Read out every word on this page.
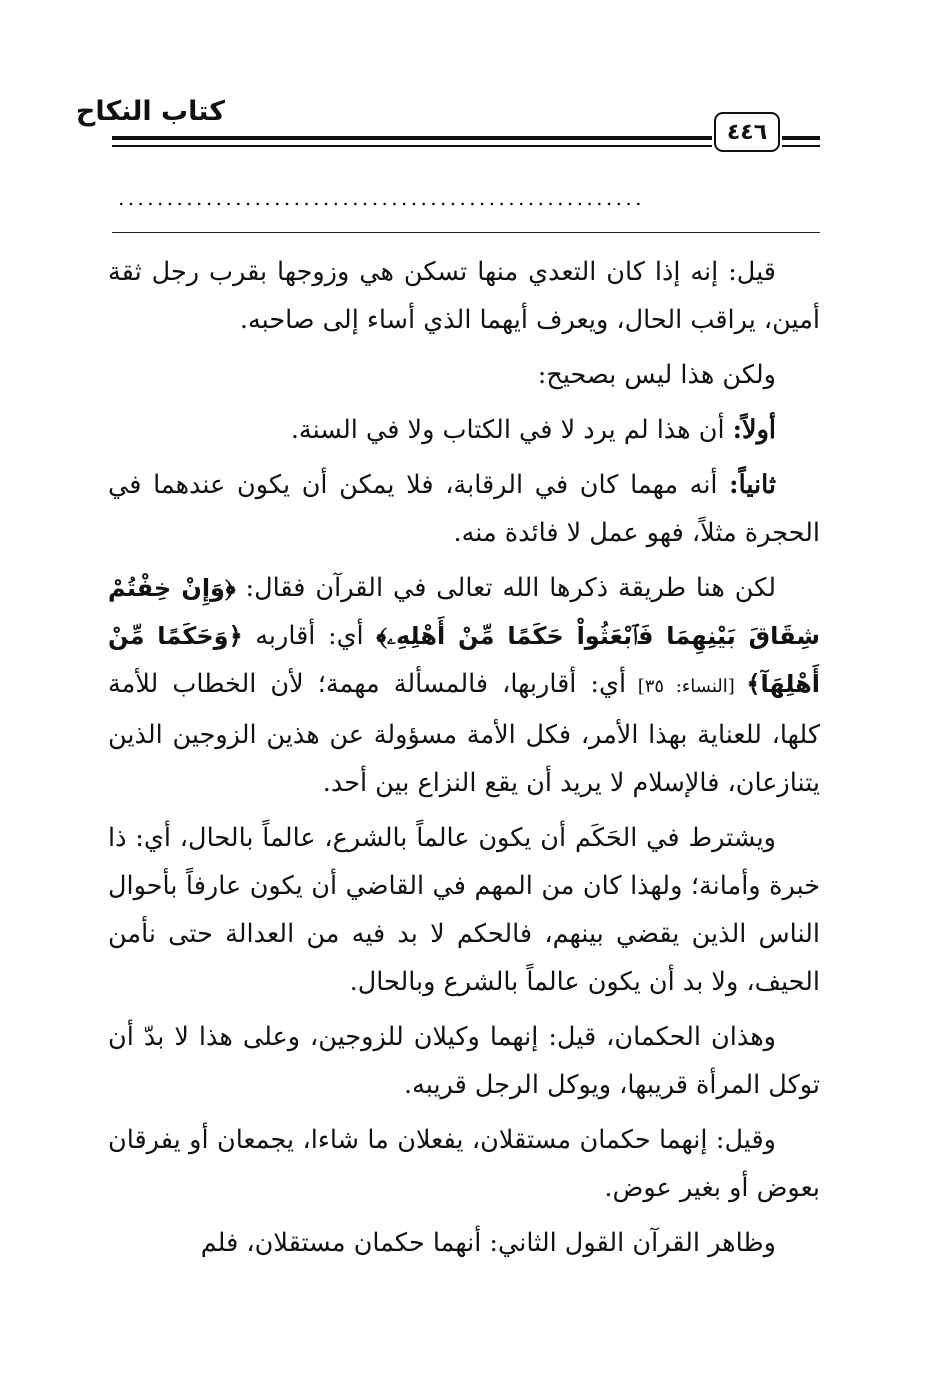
كتاب النكاح
٤٤٦
......................................................

قيل: إنه إذا كان التعدي منها تسكن هي وزوجها بقرب رجل ثقة أمين، يراقب الحال، ويعرف أيهما الذي أساء إلى صاحبه.

ولكن هذا ليس بصحيح:

أولاً: أن هذا لم يرد لا في الكتاب ولا في السنة.

ثانياً: أنه مهما كان في الرقابة، فلا يمكن أن يكون عندهما في الحجرة مثلاً، فهو عمل لا فائدة منه.

لكن هنا طريقة ذكرها الله تعالى في القرآن فقال: ﴿وَإِنْ خِفْتُمْ شِقَاقَ بَيْنِهِمَا فَٱبْعَثُواْ حَكَمًا مِّنْ أَهْلِهِۦ﴾ أي: أقاربه ﴿وَحَكَمًا مِّنْ أَهْلِهَآ﴾ [النساء: ٣٥] أي: أقاربها، فالمسألة مهمة؛ لأن الخطاب للأمة كلها، للعناية بهذا الأمر، فكل الأمة مسؤولة عن هذين الزوجين الذين يتنازعان، فالإسلام لا يريد أن يقع النزاع بين أحد.

ويشترط في الحَكَم أن يكون عالماً بالشرع، عالماً بالحال، أي: ذا خبرة وأمانة؛ ولهذا كان من المهم في القاضي أن يكون عارفاً بأحوال الناس الذين يقضي بينهم، فالحكم لا بد فيه من العدالة حتى نأمن الحيف، ولا بد أن يكون عالماً بالشرع وبالحال.

وهذان الحكمان، قيل: إنهما وكيلان للزوجين، وعلى هذا لا بدّ أن توكل المرأة قريبها، ويوكل الرجل قريبه.

وقيل: إنهما حكمان مستقلان، يفعلان ما شاءا، يجمعان أو يفرقان بعوض أو بغير عوض.

وظاهر القرآن القول الثاني: أنهما حكمان مستقلان، فلم
